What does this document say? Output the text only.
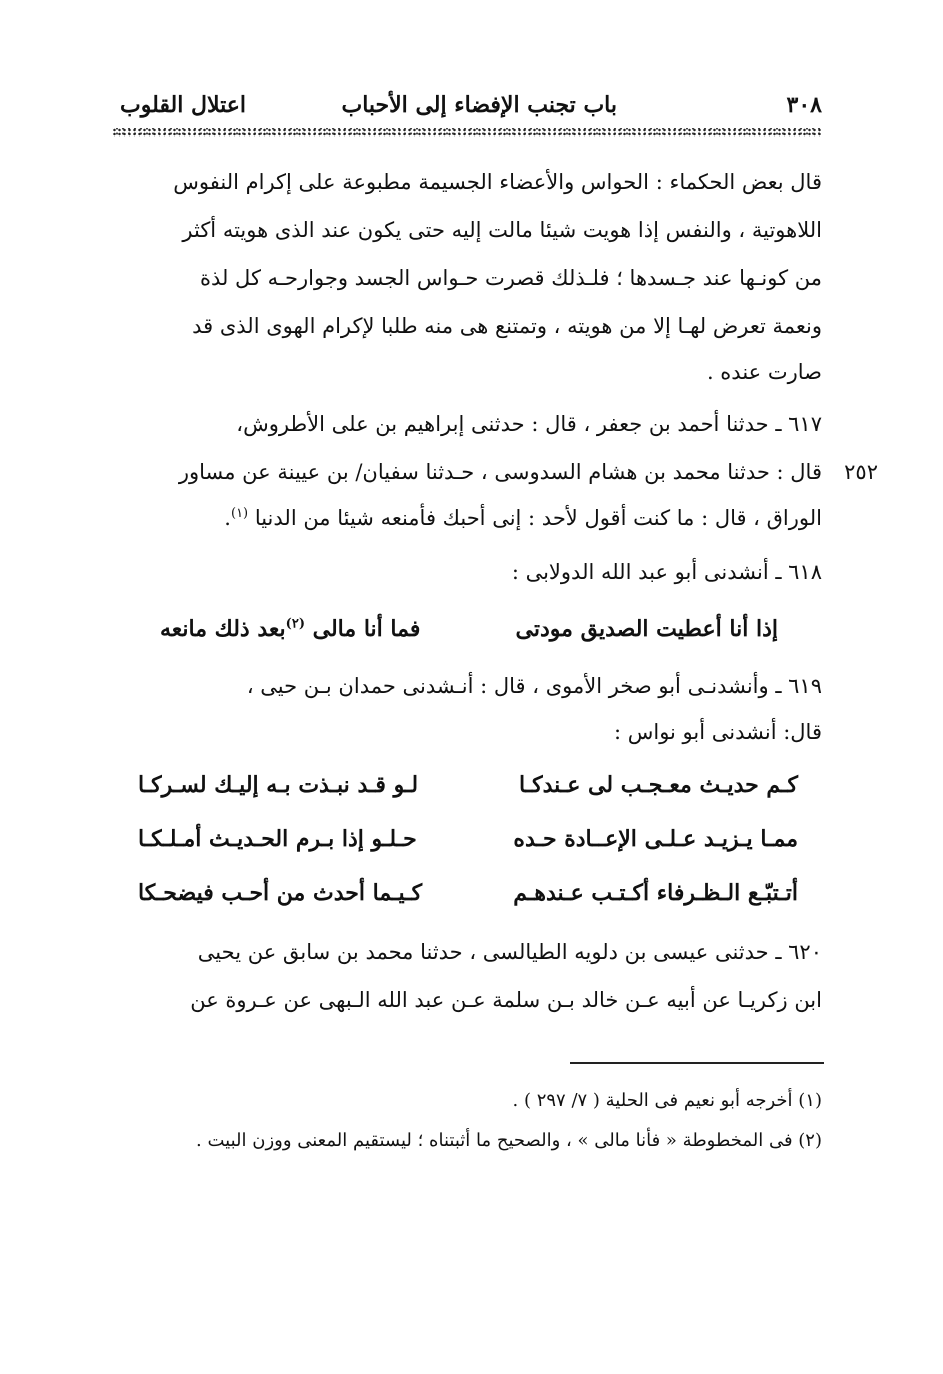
٣٠٨
باب تجنب الإفضاء إلى الأحباب
اعتلال القلوب
قال بعض الحكماء : الحواس والأعضاء الجسيمة مطبوعة على إكرام النفوس
اللاهوتية ، والنفس إذا هويت شيئا مالت إليه حتى يكون عند الذى هويته أكثر
من كونـها عند جـسدها ؛ فلـذلك قصرت حـواس الجسد وجوارحـه كل لذة
ونعمة تعرض لهـا إلا من هويته ، وتمتنع هى منه طلبا لإكرام الهوى الذى قد
صارت عنده .
٦١٧ ـ حدثنا أحمد بن جعفر ، قال : حدثنى إبراهيم بن على الأطروش،
٢٥٢
قال : حدثنا محمد بن هشام السدوسى ، حـدثنا سفيان/ بن عيينة عن مساور
الوراق ، قال : ما كنت أقول لأحد : إنى أحبك فأمنعه شيئا من الدنيا $^{(١)}$.
٦١٨ ـ أنشدنى أبو عبد الله الدولابى :
إذا أنا أعطيت الصديق مودتى
فما أنا مالى $^{(٢)}$بعد ذلك مانعه
٦١٩ ـ وأنشدنـى أبو صخر الأموى ، قال : أنـشدنى حمدان بـن حيى ،
قال: أنشدنى أبو نواس :
كـم حديـث معـجـب لى عـندكـا
لـو قـد نبـذت بـه إليـك لسـركـا
ممـا يـزيـد عـلـى الإعــادة حـده
حـلـو إذا بـرم الحـديـث أمـلـكـا
أتـتبّـع الـظـرفاء أكـتـب عـندهـم
كـيـما أحدث من أحـب فيضحـكا
٦٢٠ ـ حدثنى عيسى بن دلويه الطيالسى ، حدثنا محمد بن سابق عن يحيى
ابن زكريـا عن أبيه عـن خالد بـن سلمة عـن عبد الله الـبهى عن عـروة عن
(١) أخرجه أبو نعيم فى الحلية ( ٧/ ٢٩٧ ) .
(٢) فى المخطوطة « فأنا مالى » ، والصحيح ما أثبتناه ؛ ليستقيم المعنى ووزن البيت .
